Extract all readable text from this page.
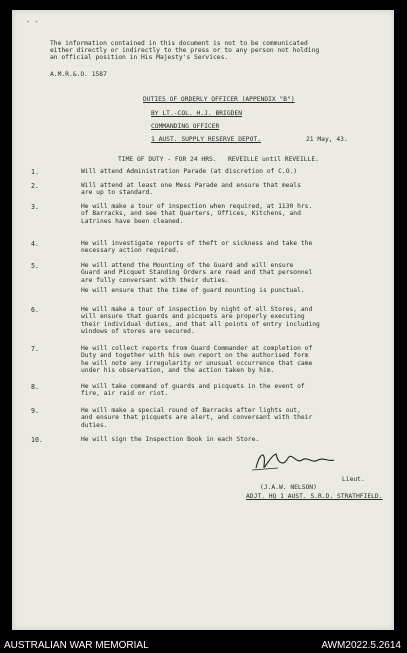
- -
The information contained in this document is not to be communicated
either directly or indirectly to the press or to any person not holding
an official position in His Majesty's Services.
A.M.R.&.O. 1587
DUTIES OF ORDERLY OFFICER (APPENDIX "B")
BY LT.-COL. H.J. BRIGDEN
COMMANDING OFFICER
1 AUST. SUPPLY RESERVE DEPOT.	21 May, 43.
TIME OF DUTY - FOR 24 HRS.   REVEILLE until REVEILLE.
1.	Will attend Administration Parade (at discretion of C.O.)
2.	Will attend at least one Mess Parade and ensure that meals
are up to standard.
3.	He will make a tour of inspection when required, at 1130 hrs.
of Barracks, and see that Quarters, Offices, Kitchens, and
Latrines have been cleaned.
4.	He will investigate reports of theft or sickness and take the
necessary action required.
5.	He will attend the Mounting of the Guard and will ensure
Guard and Picquet Standing Orders are read and that personnel
are fully conversant with their duties.
He will ensure that the time of guard mounting is punctual.
6.	He will make a tour of inspection by night of all Stores, and
will ensure that guards and picquets are properly executing
their individual duties, and that all points of entry including
windows of stores are secured.
7.	He will collect reports from Guard Commander at completion of
Duty and together with his own report on the authorised form
he will note any irregularity or unusual occurrence that came
under his observation, and the action taken by him.
8.	He will take command of guards and picquets in the event of
fire, air raid or riot.
9.	He will make a special round of Barracks after lights out,
and ensure that picquets are alert, and conversant with their
duties.
10.	He will sign the Inspection Book in each Store.
Lieut.
(J.A.W. NELSON)
ADJT. HQ 1 AUST. S.R.D. STRATHFIELD.
AUSTRALIAN WAR MEMORIAL	AWM2022.5.2614
